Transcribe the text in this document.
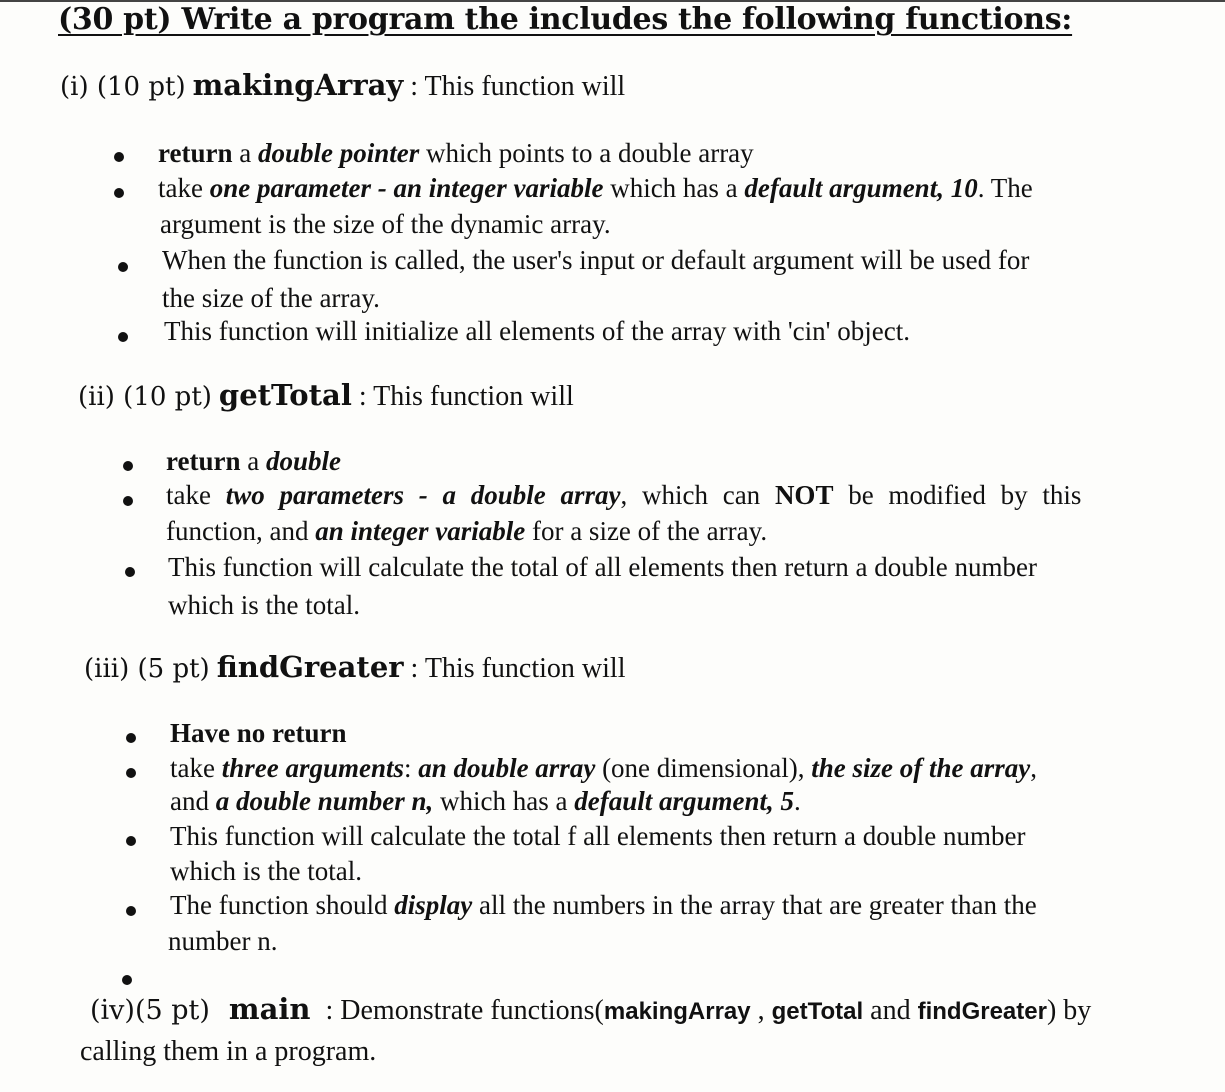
(30 pt) Write a program the includes the following functions:
(i) (10 pt) makingArray : This function will
return a double pointer which points to a double array
take one parameter - an integer variable which has a default argument, 10. The
argument is the size of the dynamic array.
When the function is called, the user's input or default argument will be used for
the size of the array.
This function will initialize all elements of the array with 'cin' object.
(ii) (10 pt) getTotal : This function will
return a double
take two parameters - a double array, which can NOT be modified by this
function, and an integer variable for a size of the array.
This function will calculate the total of all elements then return a double number
which is the total.
(iii) (5 pt) findGreater : This function will
Have no return
take three arguments: an double array (one dimensional), the size of the array,
and a double number n, which has a default argument, 5.
This function will calculate the total f all elements then return a double number
which is the total.
The function should display all the numbers in the array that are greater than the
number n.
(iv)(5 pt) main : Demonstrate functions(makingArray , getTotal and findGreater) by
calling them in a program.
